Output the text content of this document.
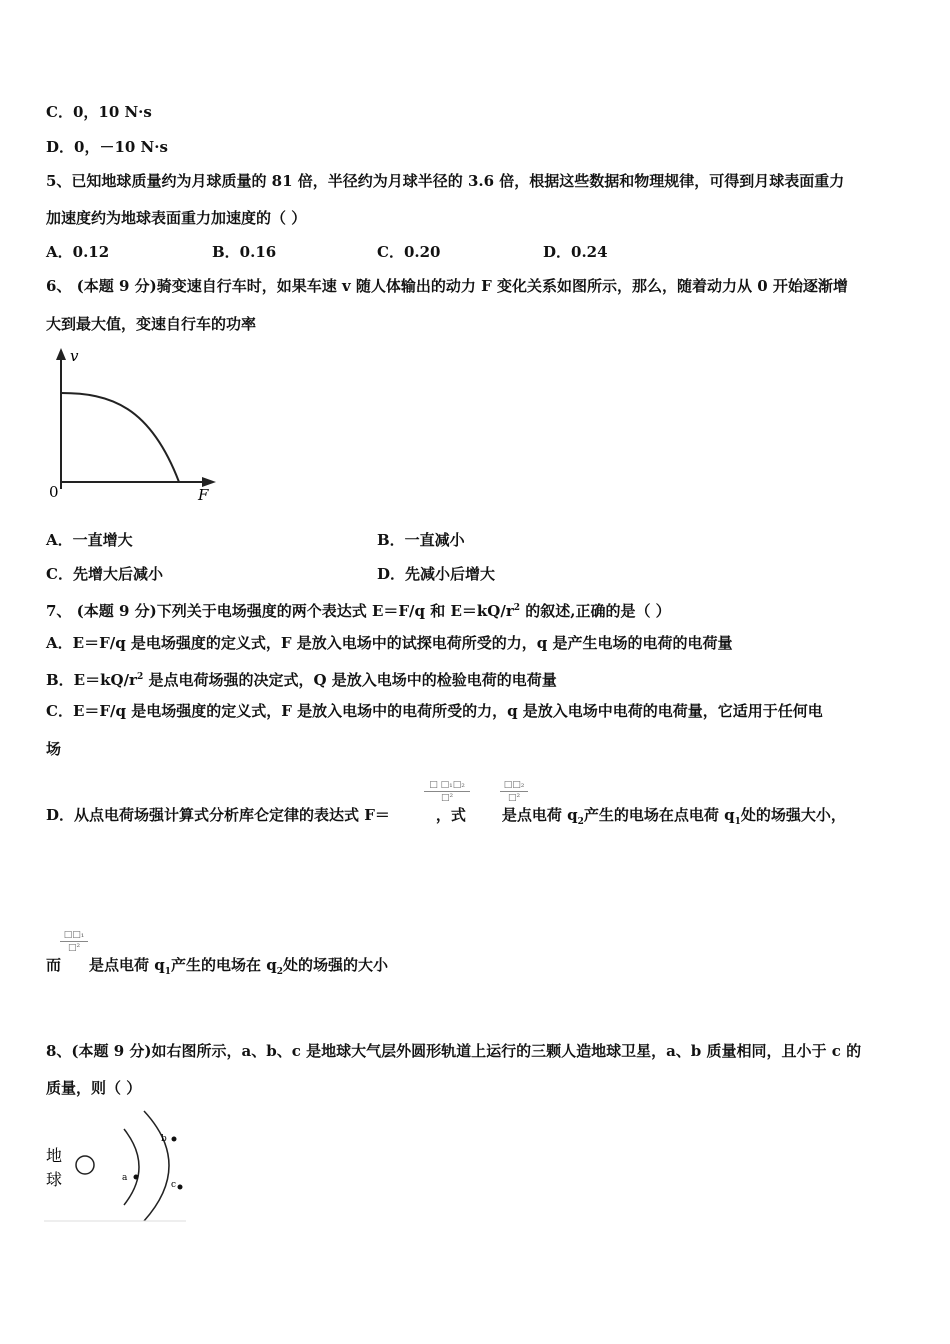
C．0，10 N·s
D．0，－10 N·s
5、已知地球质量约为月球质量的 81 倍，半径约为月球半径的 3.6 倍，根据这些数据和物理规律，可得到月球表面重力
加速度约为地球表面重力加速度的（ ）
A．0.12	B．0.16	C．0.20	D．0.24
6、 (本题 9 分)骑变速自行车时，如果车速 v 随人体输出的动力 F 变化关系如图所示，那么，随着动力从 0 开始逐渐增
大到最大值，变速自行车的功率
v
F
0
A．一直增大	B．一直减小
C．先增大后减小	D．先减小后增大
7、 (本题 9 分)下列关于电场强度的两个表达式 E＝F/q 和 $E=kQ/r^2$ 的叙述,正确的是（ ）
A．E＝F/q 是电场强度的定义式，F 是放入电场中的试探电荷所受的力，q 是产生电场的电荷的电荷量
B．$E=kQ/r^2$ 是点电荷场强的决定式，Q 是放入电场中的检验电荷的电荷量
C．E＝F/q 是电场强度的定义式，F 是放入电场中的电荷所受的力，q 是放入电场中电荷的电荷量，它适用于任何电
场
□ □₁□₂
□²
□□₂
□²
D．从点电荷场强计算式分析库仑定律的表达式 F＝	，式 是点电荷 $q_2$产生的电场在点电荷 $q_1$处的场强大小，
□□₁
□²
而 是点电荷 $q_1$产生的电场在 $q_2$处的场强的大小
8、(本题 9 分)如右图所示，a、b、c 是地球大气层外圆形轨道上运行的三颗人造地球卫星，a、b 质量相同，且小于 c 的
质量，则（ ）
地
球	a
b
c
